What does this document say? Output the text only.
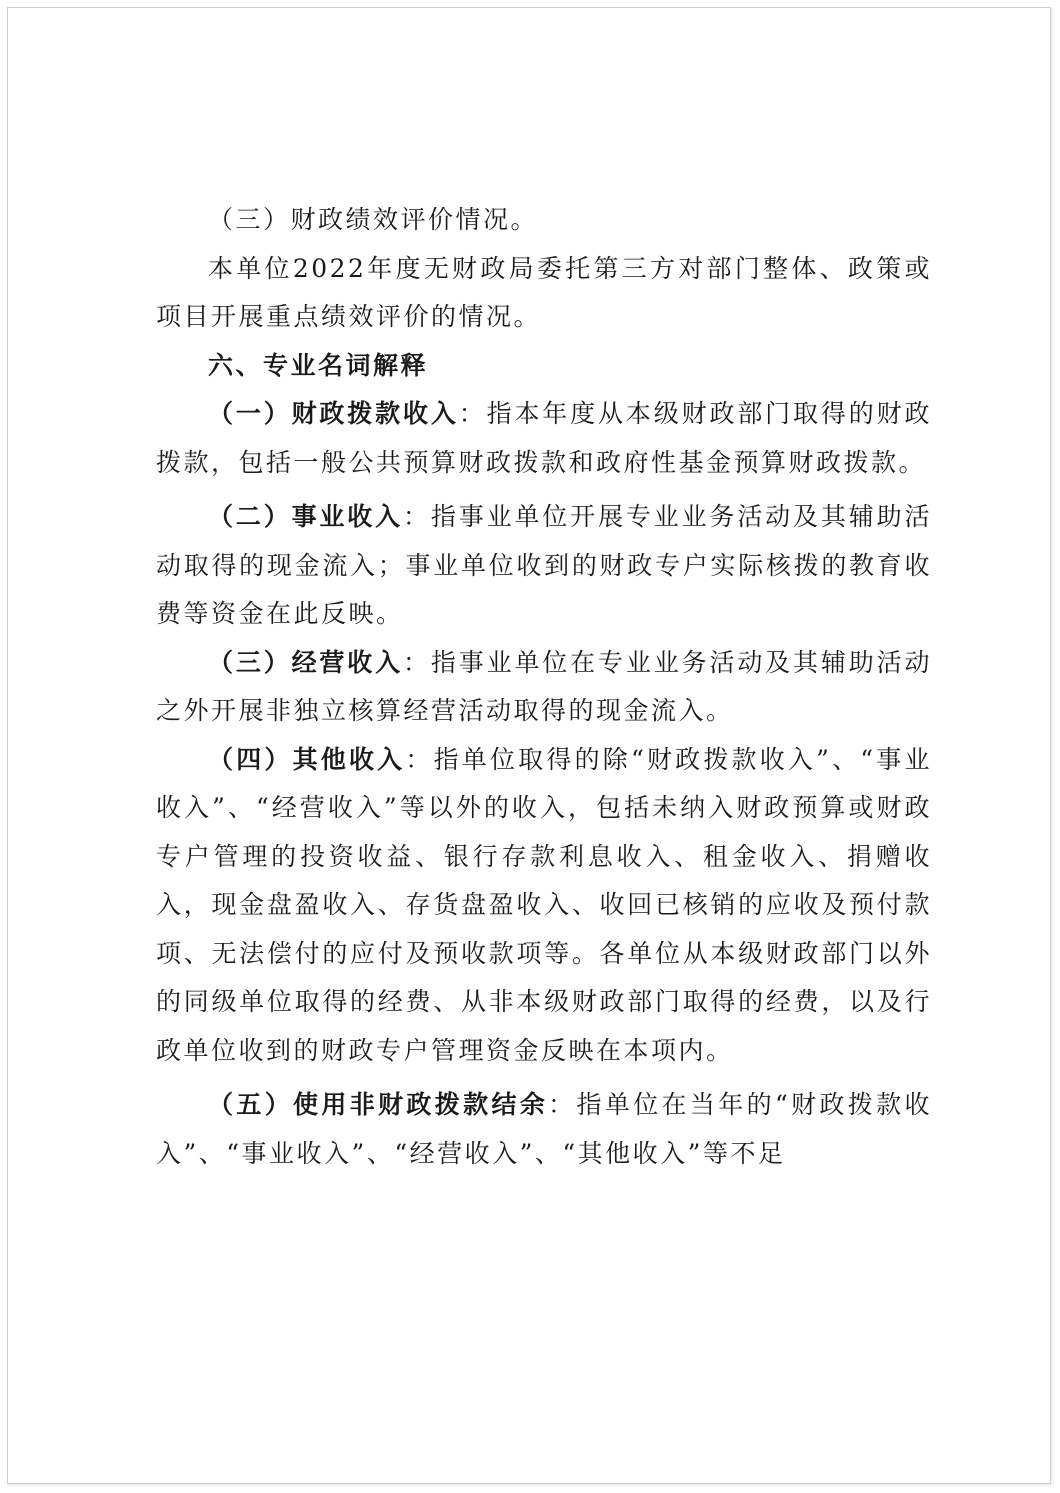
（三）财政绩效评价情况。

本单位2022年度无财政局委托第三方对部门整体、政策或项目开展重点绩效评价的情况。

六、专业名词解释

（一）财政拨款收入：指本年度从本级财政部门取得的财政拨款，包括一般公共预算财政拨款和政府性基金预算财政拨款。

（二）事业收入：指事业单位开展专业业务活动及其辅助活动取得的现金流入；事业单位收到的财政专户实际核拨的教育收费等资金在此反映。

（三）经营收入：指事业单位在专业业务活动及其辅助活动之外开展非独立核算经营活动取得的现金流入。

（四）其他收入：指单位取得的除“财政拨款收入”、“事业收入”、“经营收入”等以外的收入，包括未纳入财政预算或财政专户管理的投资收益、银行存款利息收入、租金收入、捐赠收入，现金盘盈收入、存货盘盈收入、收回已核销的应收及预付款项、无法偿付的应付及预收款项等。各单位从本级财政部门以外的同级单位取得的经费、从非本级财政部门取得的经费，以及行政单位收到的财政专户管理资金反映在本项内。

（五）使用非财政拨款结余：指单位在当年的“财政拨款收入”、“事业收入”、“经营收入”、“其他收入”等不足
